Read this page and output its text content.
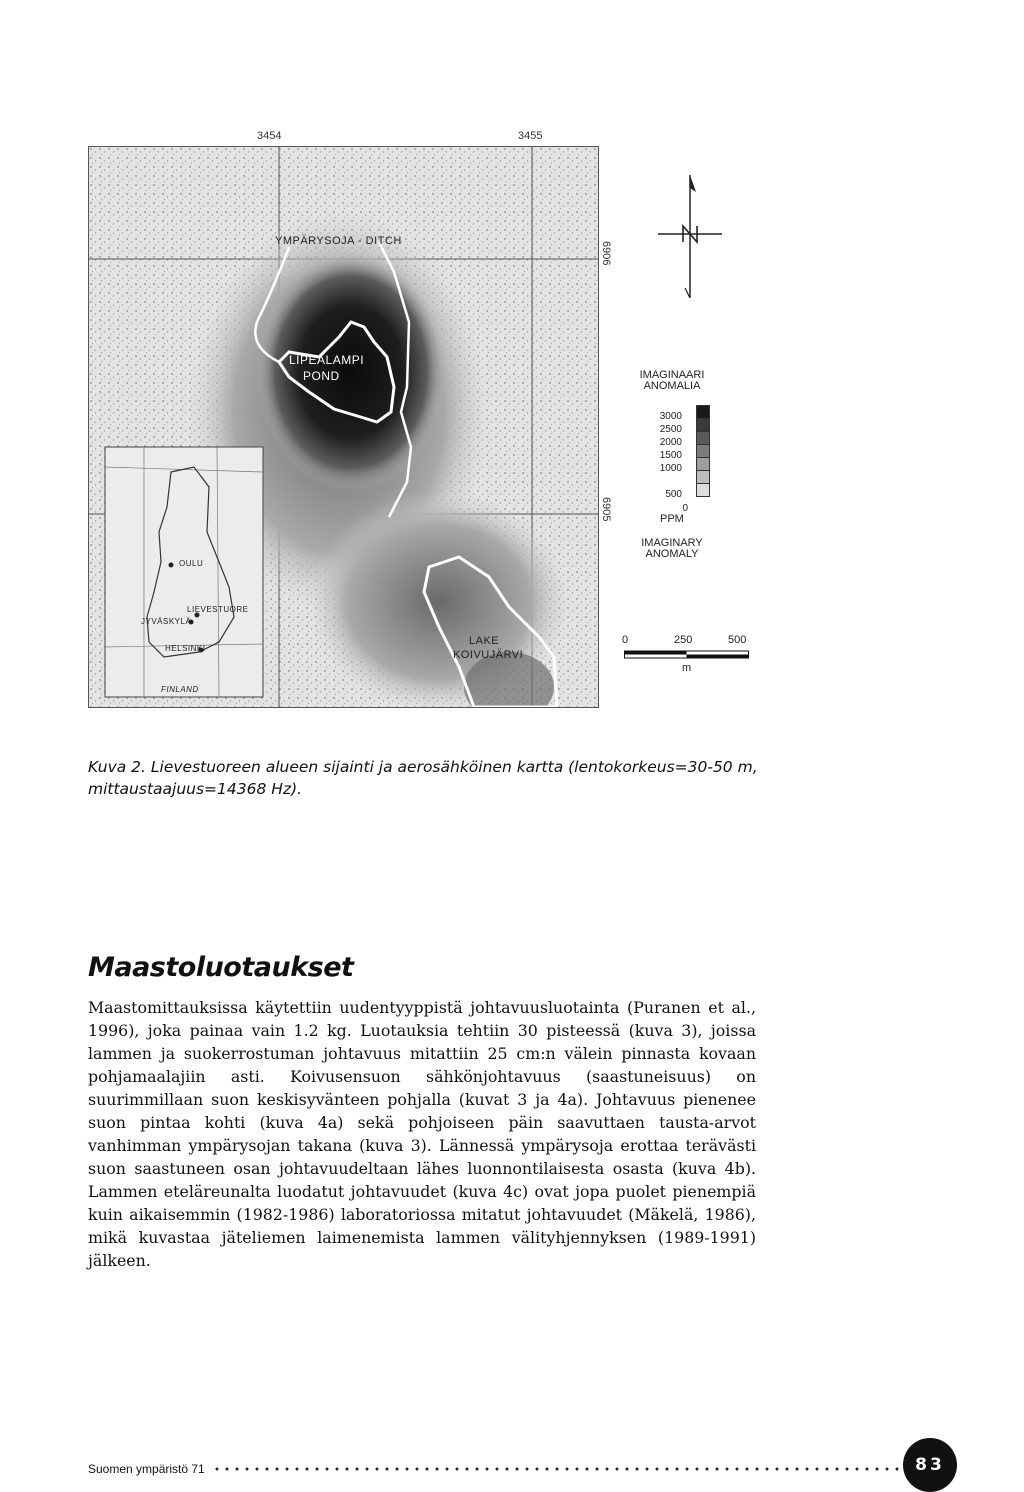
3454	3455
6906
6905
YMPÄRYSOJA - DITCH
LIPEALAMPI
POND
LAKE
KOIVUJÄRVI
OULU
LIEVESTUORE
JYVÄSKYLÄ
HELSINKI
FINLAND
IMAGINAARI
ANOMALIA
3000
2500
2000
1500
1000
500
0
PPM
IMAGINARY
ANOMALY
0	250	500
m
Kuva 2. Lievestuoreen alueen sijainti ja aerosähköinen kartta (lentokorkeus=30-50 m, mittaustaajuus=14368 Hz).
Maastoluotaukset

Maastomittauksissa käytettiin uudentyyppistä johtavuusluotainta (Puranen et al., 1996), joka painaa vain 1.2 kg. Luotauksia tehtiin 30 pisteessä (kuva 3), joissa lammen ja suokerrostuman johtavuus mitattiin 25 cm:n välein pinnasta kovaan pohjamaalajiin asti. Koivusensuon sähkönjohtavuus (saastuneisuus) on suurimmillaan suon keskisyvänteen pohjalla (kuvat 3 ja 4a). Johtavuus pienenee suon pintaa kohti (kuva 4a) sekä pohjoiseen päin saavuttaen tausta-arvot vanhimman ympärysojan takana (kuva 3). Lännessä ympärysoja erottaa terävästi suon saastuneen osan johtavuudeltaan lähes luonnontilaisesta osasta (kuva 4b). Lammen eteläreunalta luodatut johtavuudet (kuva 4c) ovat jopa puolet pienempiä kuin aikaisemmin (1982-1986) laboratoriossa mitatut johtavuudet (Mäkelä, 1986), mikä kuvastaa jäteliemen laimenemista lammen välityhjennyksen (1989-1991) jälkeen.

Suomen ympäristö 71	83
